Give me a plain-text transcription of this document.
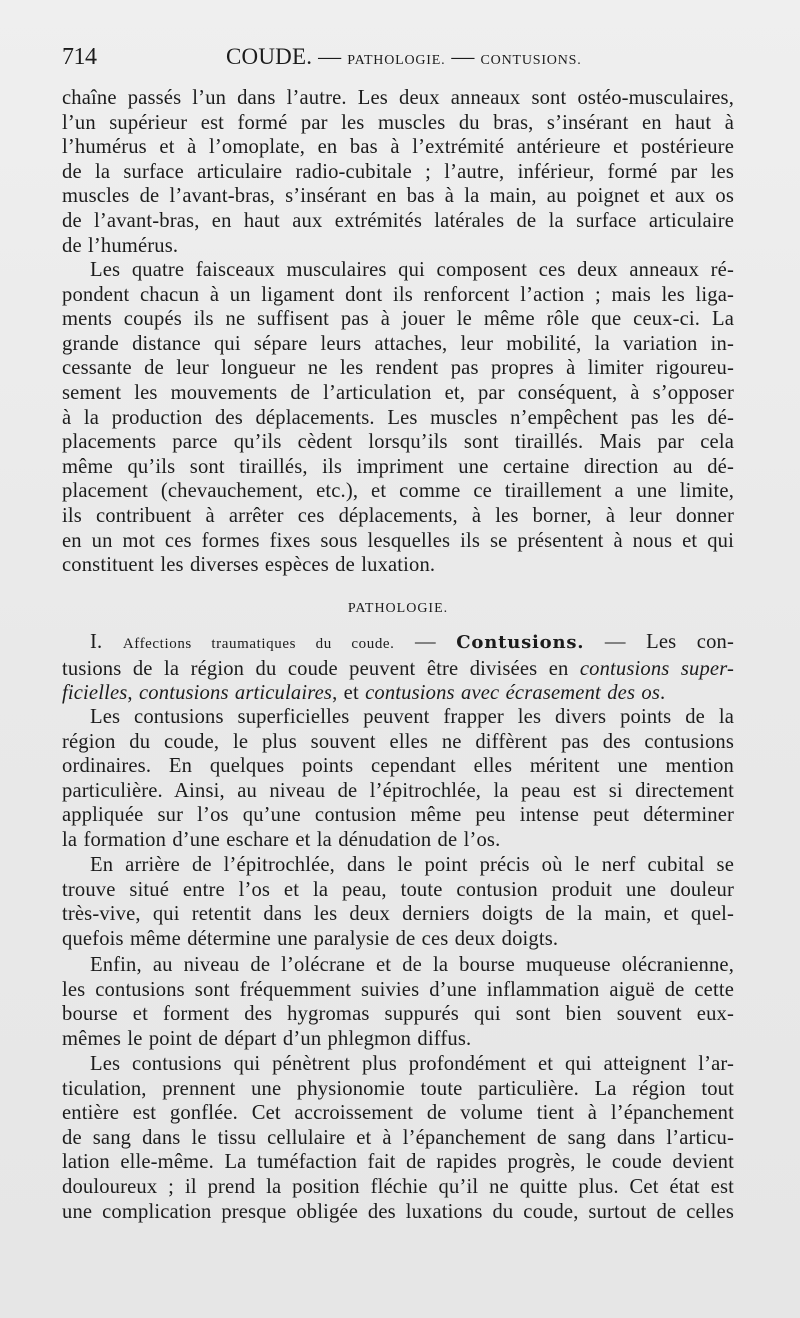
714	COUDE. — PATHOLOGIE. — CONTUSIONS.
chaîne passés l’un dans l’autre. Les deux anneaux sont ostéo-musculaires,
l’un supérieur est formé par les muscles du bras, s’insérant en haut à
l’humérus et à l’omoplate, en bas à l’extrémité antérieure et postérieure
de la surface articulaire radio-cubitale ; l’autre, inférieur, formé par les
muscles de l’avant-bras, s’insérant en bas à la main, au poignet et aux os
de l’avant-bras, en haut aux extrémités latérales de la surface articulaire
de l’humérus.
Les quatre faisceaux musculaires qui composent ces deux anneaux ré-
pondent chacun à un ligament dont ils renforcent l’action ; mais les liga-
ments coupés ils ne suffisent pas à jouer le même rôle que ceux-ci. La
grande distance qui sépare leurs attaches, leur mobilité, la variation in-
cessante de leur longueur ne les rendent pas propres à limiter rigoureu-
sement les mouvements de l’articulation et, par conséquent, à s’opposer
à la production des déplacements. Les muscles n’empêchent pas les dé-
placements parce qu’ils cèdent lorsqu’ils sont tiraillés. Mais par cela
même qu’ils sont tiraillés, ils impriment une certaine direction au dé-
placement (chevauchement, etc.), et comme ce tiraillement a une limite,
ils contribuent à arrêter ces déplacements, à les borner, à leur donner
en un mot ces formes fixes sous lesquelles ils se présentent à nous et qui
constituent les diverses espèces de luxation.
PATHOLOGIE.
I. Affections traumatiques du coude. — Contusions. — Les con-
tusions de la région du coude peuvent être divisées en contusions super-
ficielles, contusions articulaires, et contusions avec écrasement des os.
Les contusions superficielles peuvent frapper les divers points de la
région du coude, le plus souvent elles ne diffèrent pas des contusions
ordinaires. En quelques points cependant elles méritent une mention
particulière. Ainsi, au niveau de l’épitrochlée, la peau est si directement
appliquée sur l’os qu’une contusion même peu intense peut déterminer
la formation d’une eschare et la dénudation de l’os.
En arrière de l’épitrochlée, dans le point précis où le nerf cubital se
trouve situé entre l’os et la peau, toute contusion produit une douleur
très-vive, qui retentit dans les deux derniers doigts de la main, et quel-
quefois même détermine une paralysie de ces deux doigts.
Enfin, au niveau de l’olécrane et de la bourse muqueuse olécranienne,
les contusions sont fréquemment suivies d’une inflammation aiguë de cette
bourse et forment des hygromas suppurés qui sont bien souvent eux-
mêmes le point de départ d’un phlegmon diffus.
Les contusions qui pénètrent plus profondément et qui atteignent l’ar-
ticulation, prennent une physionomie toute particulière. La région tout
entière est gonflée. Cet accroissement de volume tient à l’épanchement
de sang dans le tissu cellulaire et à l’épanchement de sang dans l’articu-
lation elle-même. La tuméfaction fait de rapides progrès, le coude devient
douloureux ; il prend la position fléchie qu’il ne quitte plus. Cet état est
une complication presque obligée des luxations du coude, surtout de celles
